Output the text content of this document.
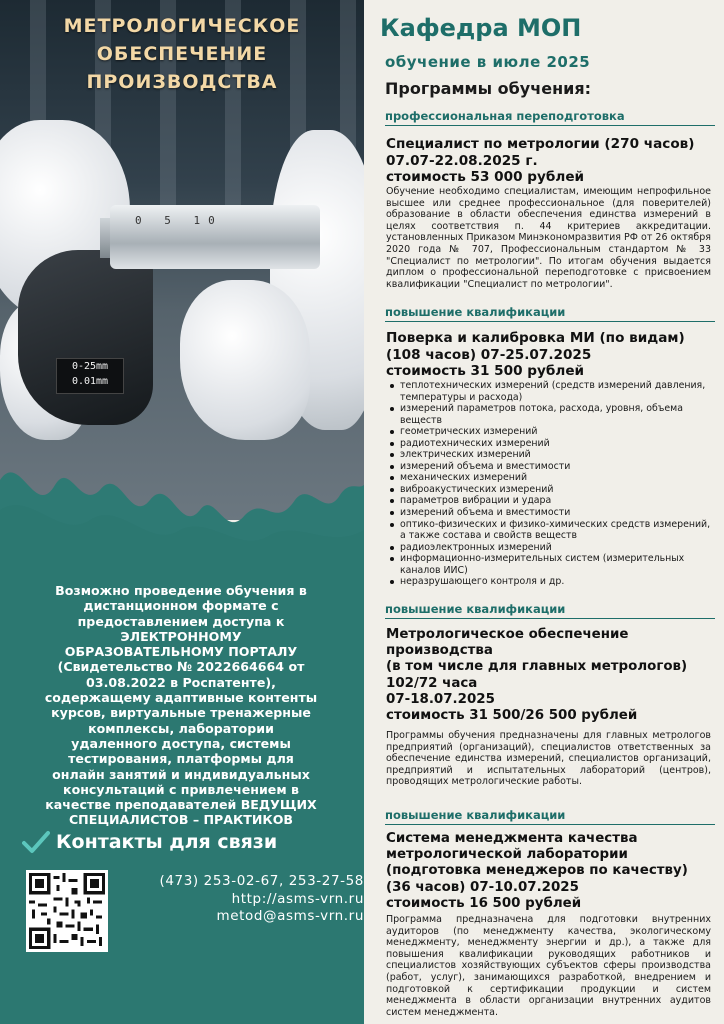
0 5 10
0-25mm
0.01mm
МЕТРОЛОГИЧЕСКОЕ
ОБЕСПЕЧЕНИЕ ПРОИЗВОДСТВА
Возможно проведение обучения в
дистанционном формате с
предоставлением доступа к
ЭЛЕКТРОННОМУ
ОБРАЗОВАТЕЛЬНОМУ ПОРТАЛУ
(Свидетельство № 2022664664 от
03.08.2022 в Роспатенте),
содержащему адаптивные контенты
курсов, виртуальные тренажерные
комплексы, лаборатории
удаленного доступа, системы
тестирования, платформы для
онлайн занятий и индивидуальных
консультаций с привлечением в
качестве преподавателей ВЕДУЩИХ
СПЕЦИАЛИСТОВ – ПРАКТИКОВ
Контакты для связи
(473) 253-02-67, 253-27-58
http://asms-vrn.ru
metod@asms-vrn.ru
Кафедра МОП
обучение в июле 2025
Программы обучения:
профессиональная переподготовка
Специалист по метрологии (270 часов)
07.07-22.08.2025 г.
стоимость 53 000 рублей
Обучение необходимо специалистам, имеющим непрофильное высшее или среднее профессиональное (для поверителей) образование в области обеспечения единства измерений в целях соответствия п. 44 критериев аккредитации. установленных Приказом Минэкономразвития РФ от 26 октября 2020 года № 707, Профессиональным стандартом № 33 "Специалист по метрологии". По итогам обучения выдается диплом о профессиональной переподготовке с присвоением квалификации "Специалист по метрологии".
повышение квалификации
Поверка и калибровка МИ (по видам)
(108 часов) 07-25.07.2025
стоимость 31 500 рублей
теплотехнических измерений (средств измерений давления, температуры и расхода)
измерений параметров потока, расхода, уровня, объема веществ
геометрических измерений
радиотехнических измерений
электрических измерений
измерений объема и вместимости
механических измерений
виброакустических измерений
параметров вибрации и удара
измерений объема и вместимости
оптико-физических и физико-химических средств измерений, а также состава и свойств веществ
радиоэлектронных измерений
информационно-измерительных систем (измерительных каналов ИИС)
неразрушающего контроля и др.
повышение квалификации
Метрологическое обеспечение
производства
(в том числе для главных метрологов)
102/72 часа
07-18.07.2025
стоимость 31 500/26 500 рублей
Программы обучения предназначены для главных метрологов предприятий (организаций), специалистов ответственных за обеспечение единства измерений, специалистов организаций, предприятий и испытательных лабораторий (центров), проводящих метрологические работы.
повышение квалификации
Система менеджмента качества
метрологической лаборатории
(подготовка менеджеров по качеству)
(36 часов) 07-10.07.2025
стоимость 16 500 рублей
Программа предназначена для подготовки внутренних аудиторов (по менеджменту качества, экологическому менеджменту, менеджменту энергии и др.), а также для повышения квалификации руководящих работников и специалистов хозяйствующих субъектов сферы производства (работ, услуг), занимающихся разработкой, внедрением и подготовкой к сертификации продукции и систем менеджмента в области организации внутренних аудитов систем менеджмента.
